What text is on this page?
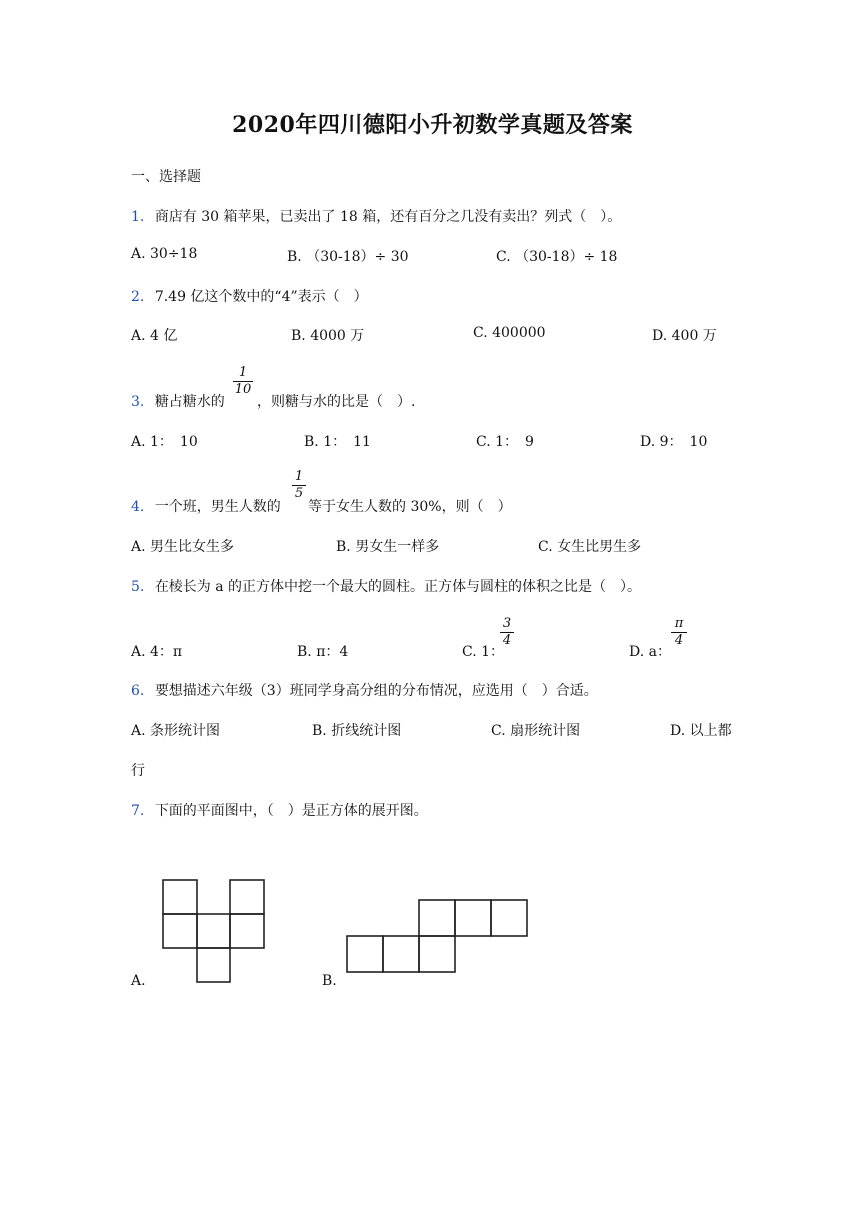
2020年四川德阳小升初数学真题及答案
一、选择题
1. 商店有 30 箱苹果，已卖出了 18 箱，还有百分之几没有卖出？列式（　）。
A. 30÷18	B. （30-18）÷ 30	C. （30-18）÷ 18
2. 7.49 亿这个数中的“4”表示（　）
A. 4 亿	B. 4000 万	C. 400000	D. 400 万
3. 糖占糖水的
1
10
，则糖与水的比是（　）.
A. 1：　10	B. 1：　11	C. 1：　9	D. 9：　10
4. 一个班，男生人数的
1
5
等于女生人数的 30%，则（　）
A. 男生比女生多	B. 男女生一样多	C. 女生比男生多
5. 在棱长为 a 的正方体中挖一个最大的圆柱。正方体与圆柱的体积之比是（　）。
A. 4：π	B. π：4	C. 1：
3
4
D. a：
π
4
6. 要想描述六年级（3）班同学身高分组的分布情况，应选用（　）合适。
A. 条形统计图	B. 折线统计图	C. 扇形统计图	D. 以上都
行
7. 下面的平面图中，（　）是正方体的展开图。
A.	B.
